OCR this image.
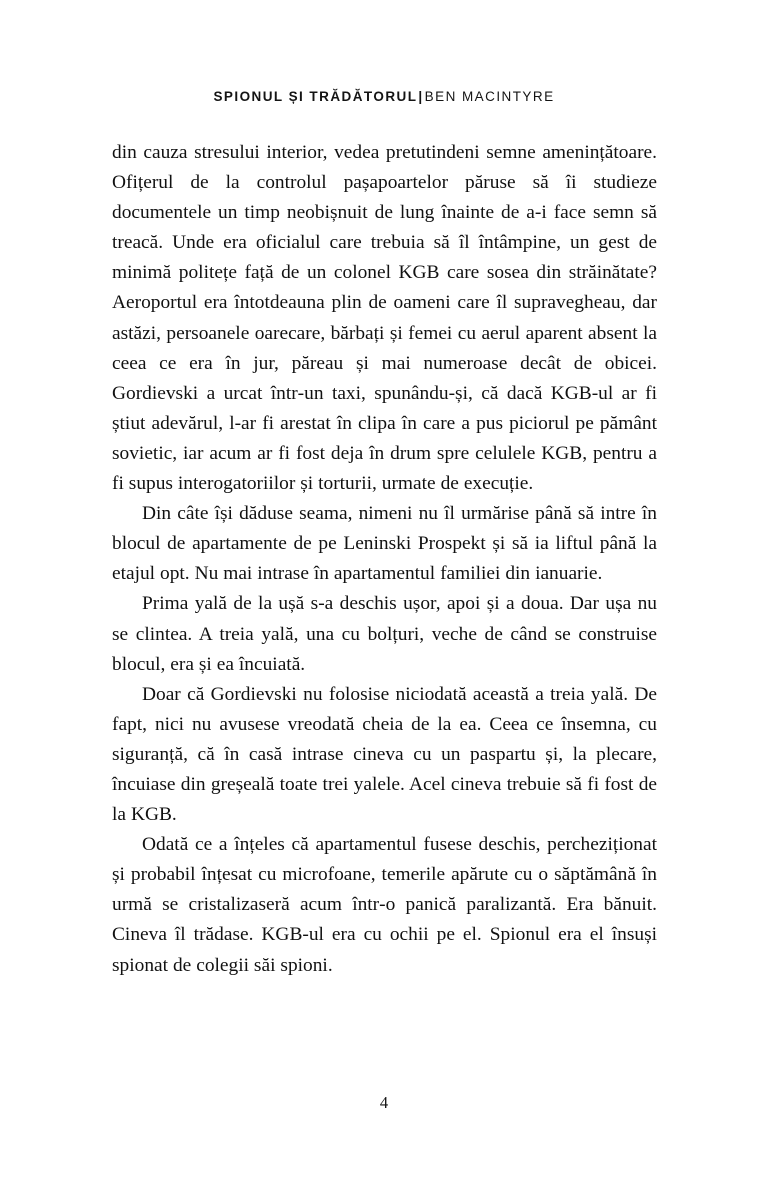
SPIONUL ȘI TRĂDĂTORUL|BEN MACINTYRE

din cauza stresului interior, vedea pretutindeni semne amenințătoare. Ofițerul de la controlul pașapoartelor păruse să îi studieze documentele un timp neobișnuit de lung înainte de a‑i face semn să treacă. Unde era oficialul care trebuia să îl întâmpine, un gest de minimă politețe față de un colonel KGB care sosea din străinătate? Aeroportul era întotdeauna plin de oameni care îl supravegheau, dar astăzi, persoanele oarecare, bărbați și femei cu aerul aparent absent la ceea ce era în jur, păreau și mai numeroase decât de obicei. Gordievski a urcat într‑un taxi, spunându‑și, că dacă KGB‑ul ar fi știut adevărul, l‑ar fi arestat în clipa în care a pus piciorul pe pământ sovietic, iar acum ar fi fost deja în drum spre celulele KGB, pentru a fi supus interogatoriilor și torturii, urmate de execuție.

Din câte își dăduse seama, nimeni nu îl urmărise până să intre în blocul de apartamente de pe Leninski Prospekt și să ia liftul până la etajul opt. Nu mai intrase în apartamentul familiei din ianuarie.

Prima yală de la ușă s‑a deschis ușor, apoi și a doua. Dar ușa nu se clintea. A treia yală, una cu bolțuri, veche de când se construise blocul, era și ea încuiată.

Doar că Gordievski nu folosise niciodată această a treia yală. De fapt, nici nu avusese vreodată cheia de la ea. Ceea ce însemna, cu siguranță, că în casă intrase cineva cu un paspartu și, la plecare, încuiase din greșeală toate trei yalele. Acel cineva trebuie să fi fost de la KGB.

Odată ce a înțeles că apartamentul fusese deschis, percheziționat și probabil înțesat cu microfoane, temerile apărute cu o săptămână în urmă se cristalizaseră acum într‑o panică paralizantă. Era bănuit. Cineva îl trădase. KGB‑ul era cu ochii pe el. Spionul era el însuși spionat de colegii săi spioni.

4
